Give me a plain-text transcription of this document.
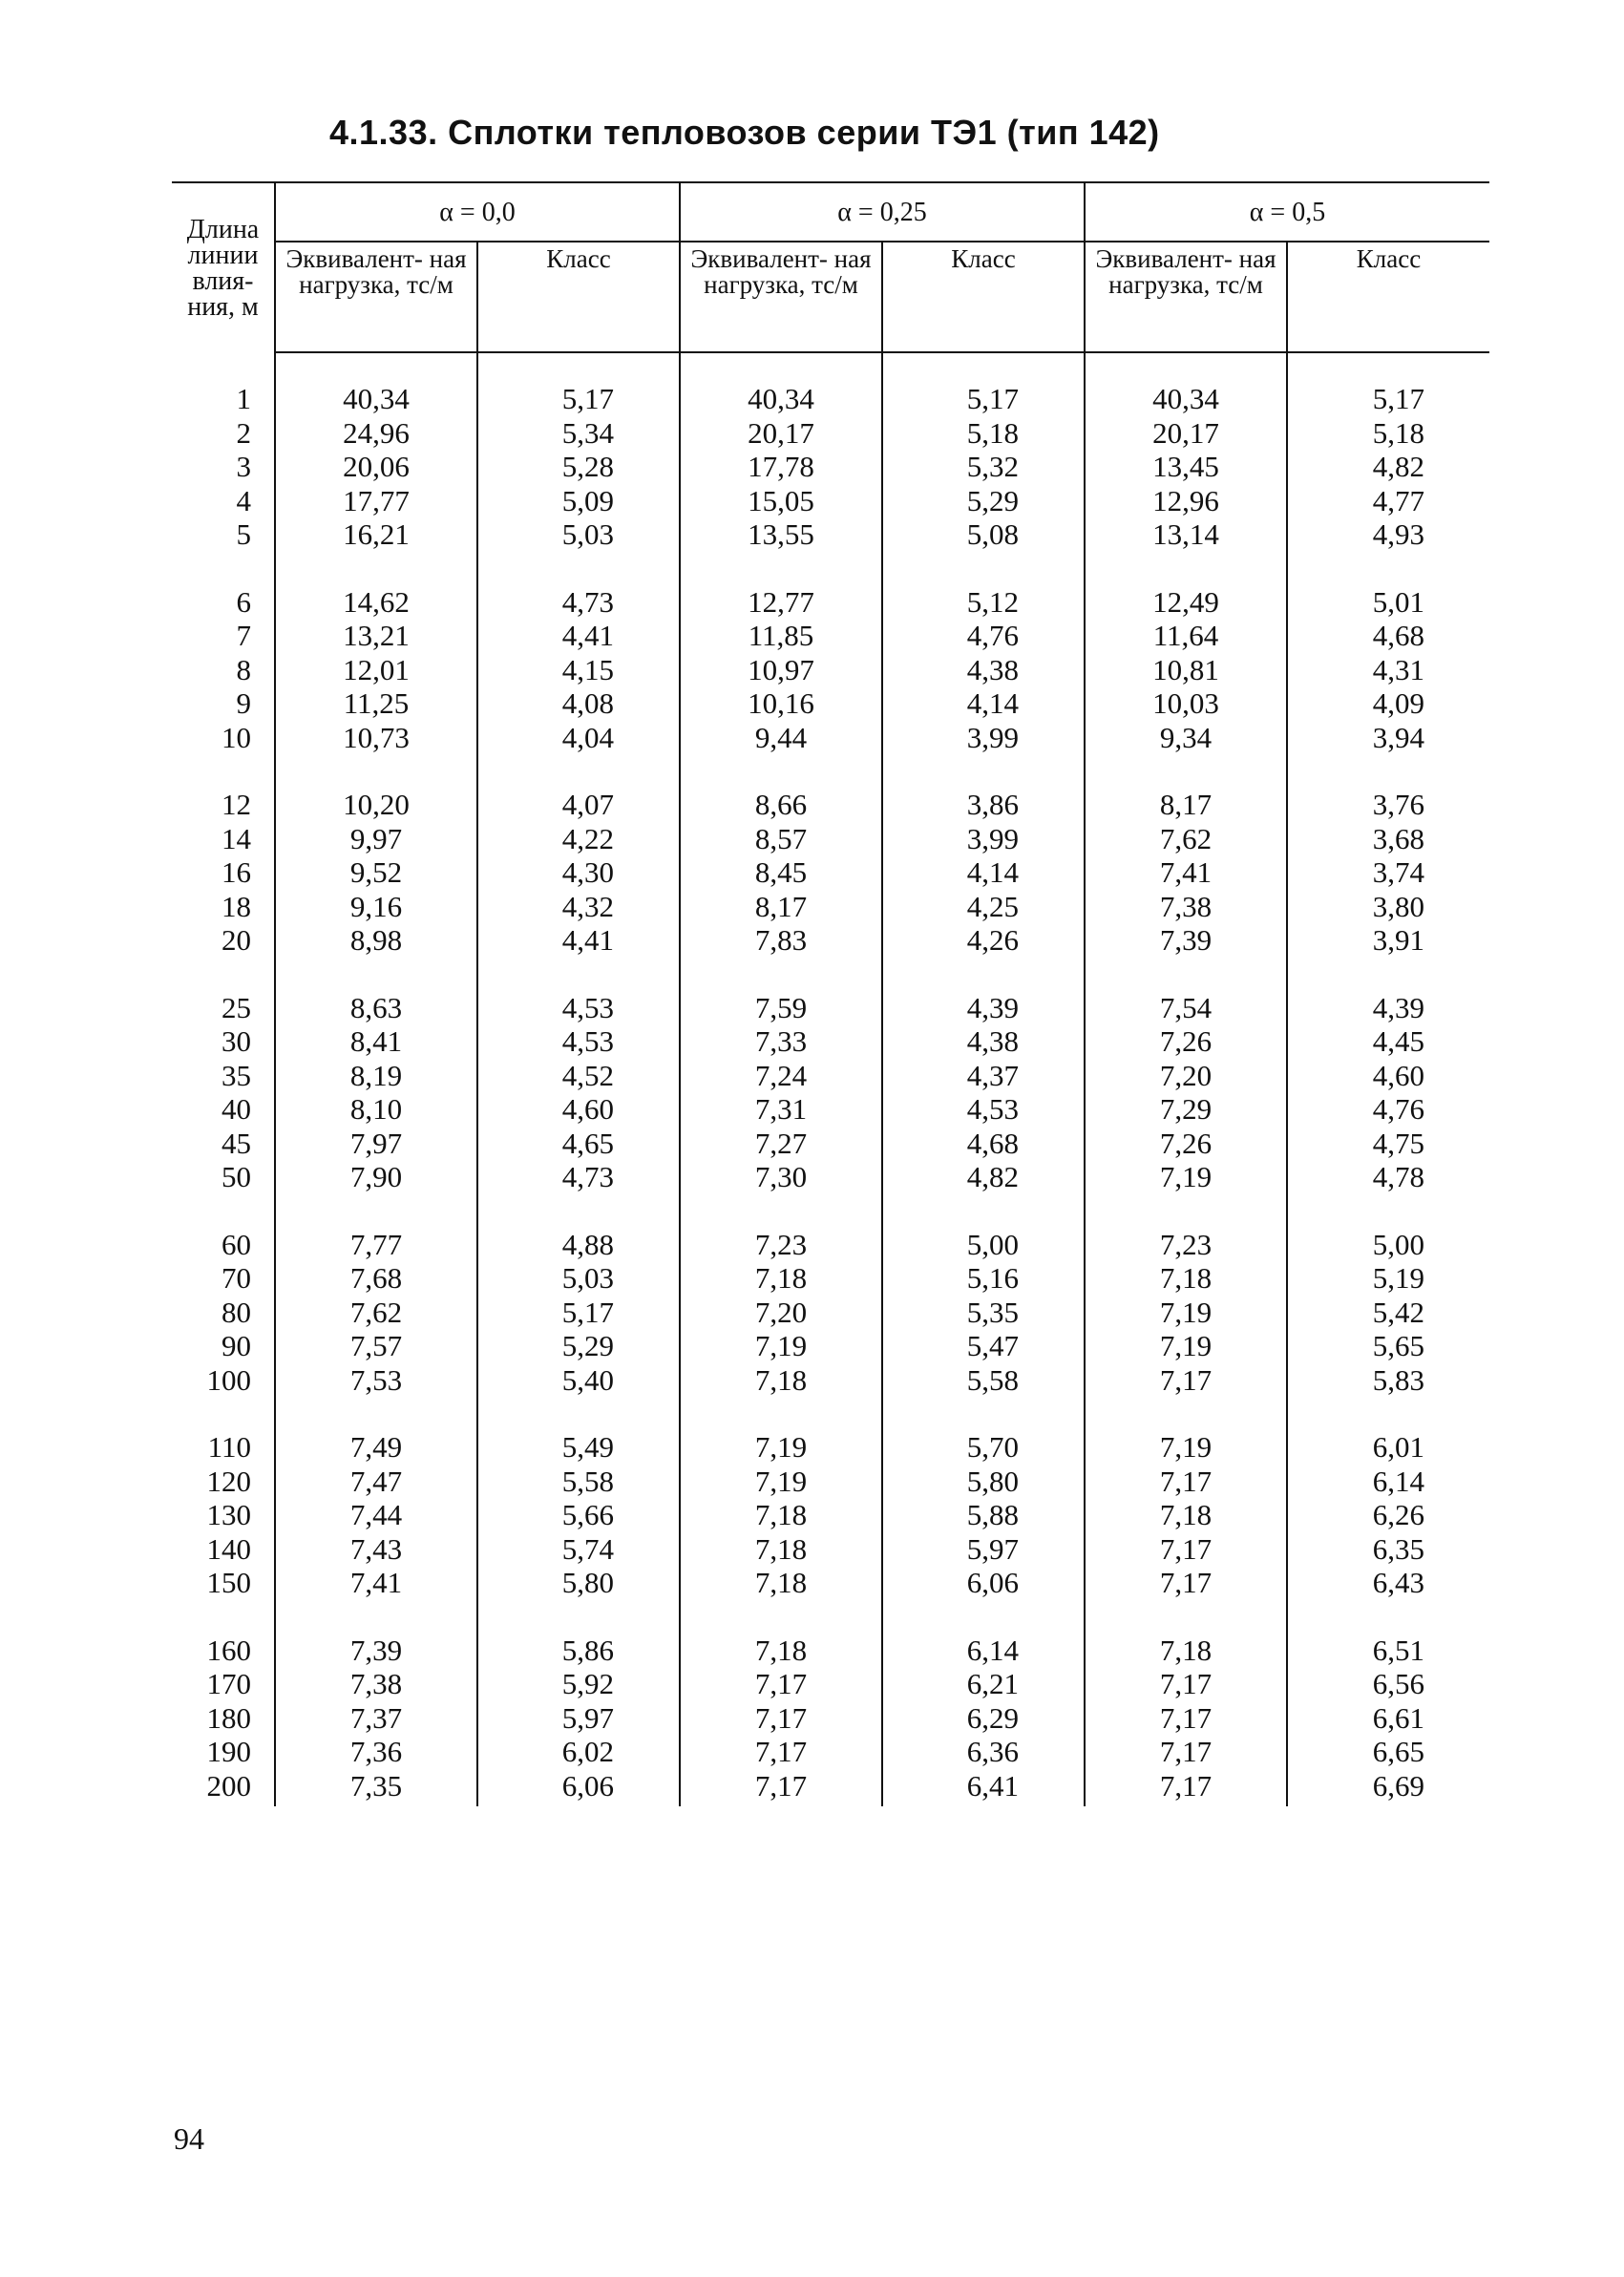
4.1.33. Сплотки тепловозов серии ТЭ1 (тип 142)
Длина линии влия- ния, м	α = 0,0		α = 0,25		α = 0,5	
	Эквивалент- ная нагрузка, тс/м	Класс	Эквивалент- ная нагрузка, тс/м	Класс	Эквивалент- ная нагрузка, тс/м	Класс

1	40,34	5,17	40,34	5,17	40,34	5,17
2	24,96	5,34	20,17	5,18	20,17	5,18
3	20,06	5,28	17,78	5,32	13,45	4,82
4	17,77	5,09	15,05	5,29	12,96	4,77
5	16,21	5,03	13,55	5,08	13,14	4,93

6	14,62	4,73	12,77	5,12	12,49	5,01
7	13,21	4,41	11,85	4,76	11,64	4,68
8	12,01	4,15	10,97	4,38	10,81	4,31
9	11,25	4,08	10,16	4,14	10,03	4,09
10	10,73	4,04	9,44	3,99	9,34	3,94

12	10,20	4,07	8,66	3,86	8,17	3,76
14	9,97	4,22	8,57	3,99	7,62	3,68
16	9,52	4,30	8,45	4,14	7,41	3,74
18	9,16	4,32	8,17	4,25	7,38	3,80
20	8,98	4,41	7,83	4,26	7,39	3,91

25	8,63	4,53	7,59	4,39	7,54	4,39
30	8,41	4,53	7,33	4,38	7,26	4,45
35	8,19	4,52	7,24	4,37	7,20	4,60
40	8,10	4,60	7,31	4,53	7,29	4,76
45	7,97	4,65	7,27	4,68	7,26	4,75
50	7,90	4,73	7,30	4,82	7,19	4,78

60	7,77	4,88	7,23	5,00	7,23	5,00
70	7,68	5,03	7,18	5,16	7,18	5,19
80	7,62	5,17	7,20	5,35	7,19	5,42
90	7,57	5,29	7,19	5,47	7,19	5,65
100	7,53	5,40	7,18	5,58	7,17	5,83

110	7,49	5,49	7,19	5,70	7,19	6,01
120	7,47	5,58	7,19	5,80	7,17	6,14
130	7,44	5,66	7,18	5,88	7,18	6,26
140	7,43	5,74	7,18	5,97	7,17	6,35
150	7,41	5,80	7,18	6,06	7,17	6,43

160	7,39	5,86	7,18	6,14	7,18	6,51
170	7,38	5,92	7,17	6,21	7,17	6,56
180	7,37	5,97	7,17	6,29	7,17	6,61
190	7,36	6,02	7,17	6,36	7,17	6,65
200	7,35	6,06	7,17	6,41	7,17	6,69

94
